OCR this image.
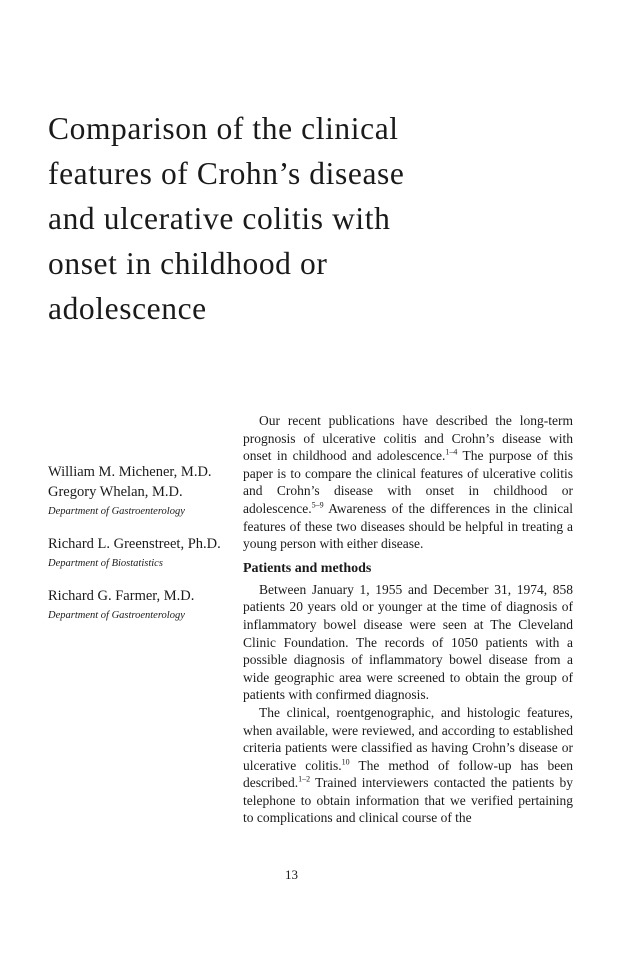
Comparison of the clinical
features of Crohn’s disease
and ulcerative colitis with
onset in childhood or
adolescence
William M. Michener, M.D.
Gregory Whelan, M.D.
Department of Gastroenterology
Richard L. Greenstreet, Ph.D.
Department of Biostatistics
Richard G. Farmer, M.D.
Department of Gastroenterology

Our recent publications have described the long-term prognosis of ulcerative colitis and Crohn’s disease with onset in childhood and adolescence.$^{1-4}$ The purpose of this paper is to compare the clinical features of ulcerative colitis and Crohn’s disease with onset in childhood or adolescence.$^{5-9}$ Awareness of the differences in the clinical features of these two diseases should be helpful in treating a young person with either disease.

Patients and methods

Between January 1, 1955 and December 31, 1974, 858 patients 20 years old or younger at the time of diagnosis of inflammatory bowel disease were seen at The Cleveland Clinic Foundation. The records of 1050 patients with a possible diagnosis of inflammatory bowel disease from a wide geographic area were screened to obtain the group of patients with confirmed diagnosis.

The clinical, roentgenographic, and histologic features, when available, were reviewed, and according to established criteria patients were classified as having Crohn’s disease or ulcerative colitis.$^{10}$ The method of follow-up has been described.$^{1-2}$ Trained interviewers contacted the patients by telephone to obtain information that we verified pertaining to complications and clinical course of the

13
